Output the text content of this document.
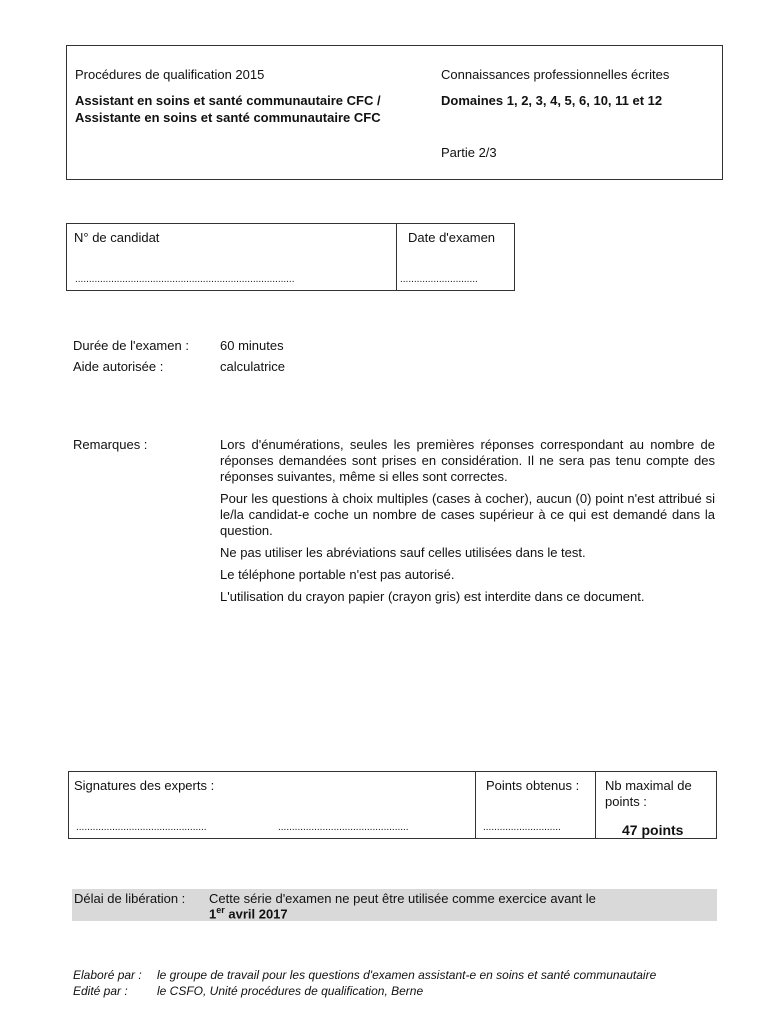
Procédures de qualification 2015
Assistant en soins et santé communautaire CFC /
Assistante en soins et santé communautaire CFC
Connaissances professionnelles écrites
Domaines 1, 2, 3, 4, 5, 6, 10, 11 et 12
Partie 2/3
N° de candidat
...............................................................................
Date d'examen
............................
Durée de l'examen : 60 minutes
Aide autorisée :	calculatrice
Remarques :	Lors d'énumérations, seules les premières réponses correspondant au nombre de réponses demandées sont prises en considération. Il ne sera pas tenu compte des réponses suivantes, même si elles sont correctes.

Pour les questions à choix multiples (cases à cocher), aucun (0) point n'est attribué si le/la candidat-e coche un nombre de cases supérieur à ce qui est demandé dans la question.

Ne pas utiliser les abréviations sauf celles utilisées dans le test.

Le téléphone portable n'est pas autorisé.

L'utilisation du crayon papier (crayon gris) est interdite dans ce document.

Signatures des experts :
...............................................	...............................................
Points obtenus :
............................
Nb maximal de points :
47 points
Délai de libération : Cette série d'examen ne peut être utilisée comme exercice avant le
1er avril 2017
Elaboré par : le groupe de travail pour les questions d'examen assistant-e en soins et santé communautaire
Edité par : le CSFO, Unité procédures de qualification, Berne
